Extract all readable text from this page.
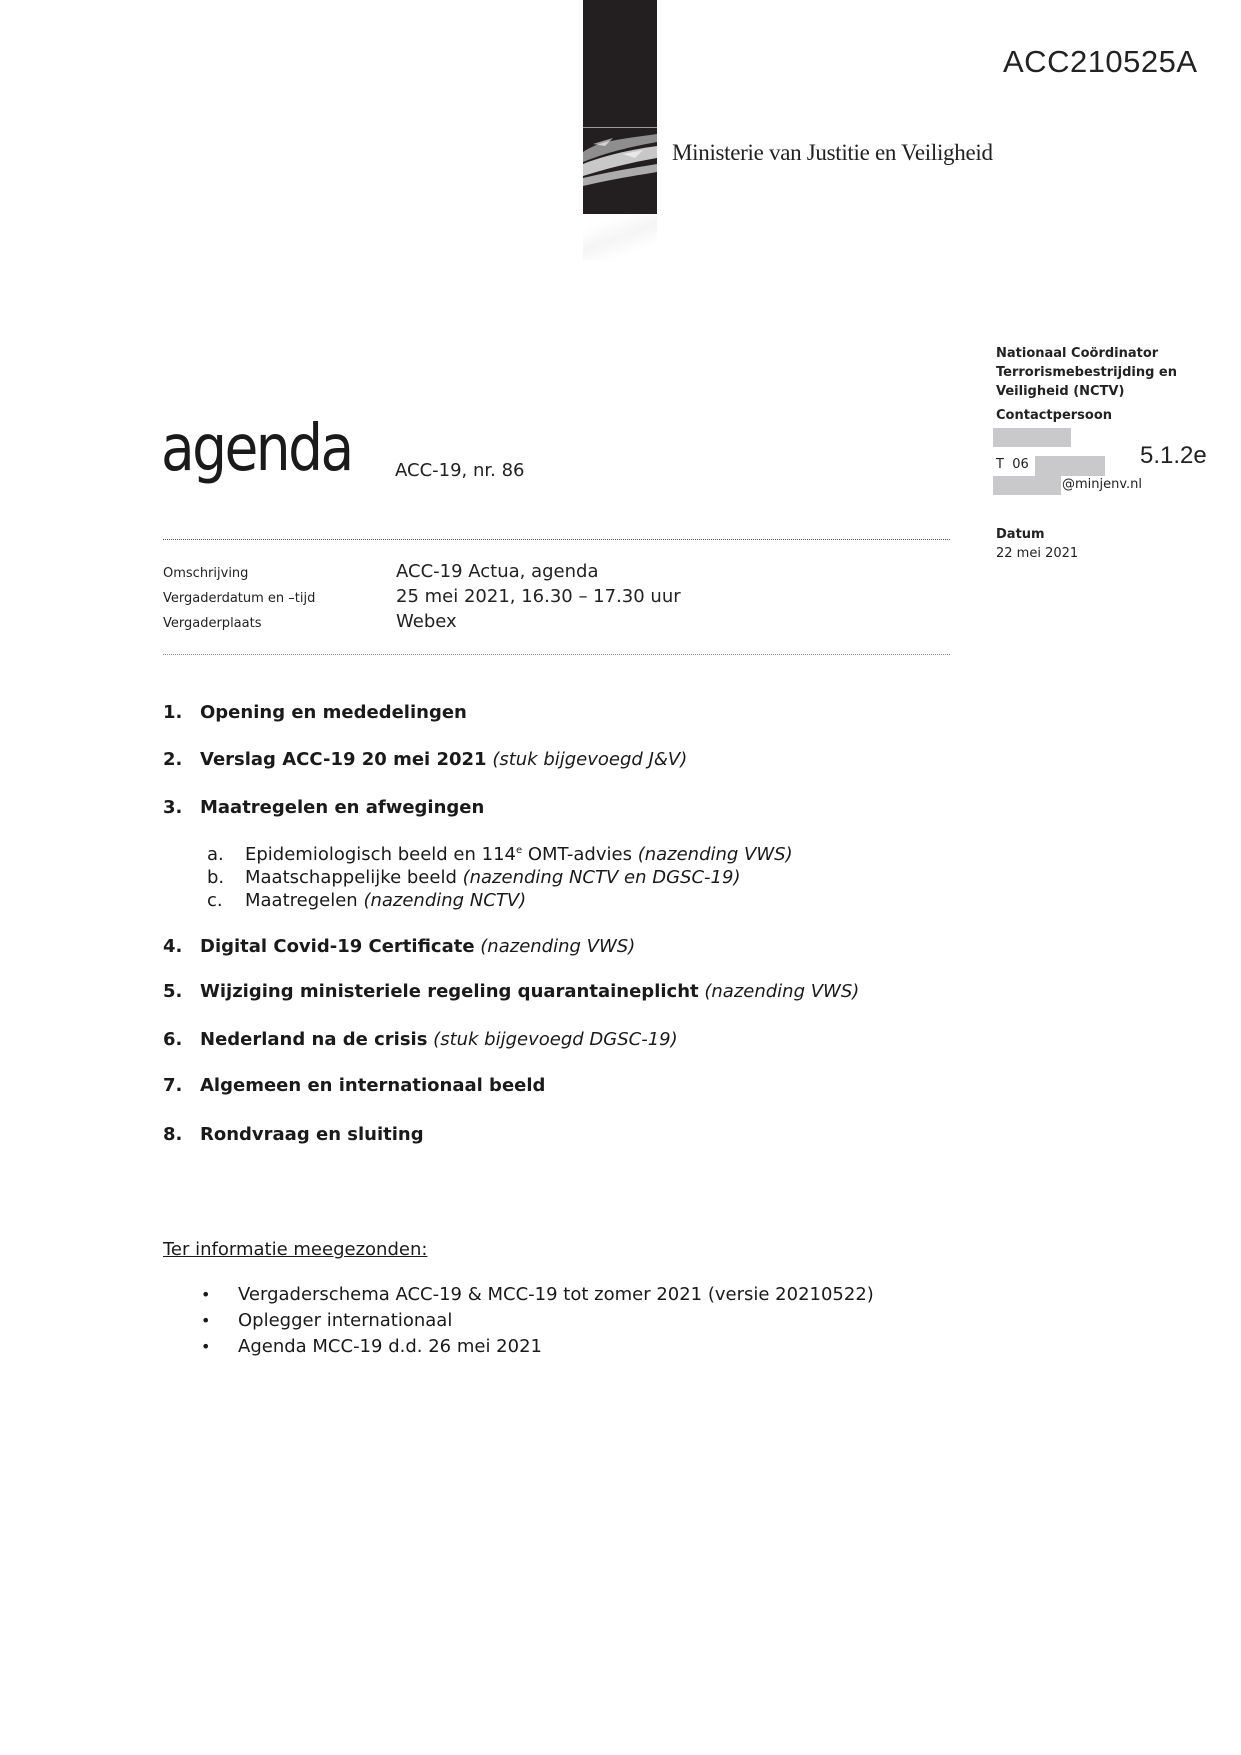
ACC210525A
Ministerie van Justitie en Veiligheid
Nationaal Coördinator
Terrorismebestrijding en
Veiligheid (NCTV)
Contactpersoon
T  06
@minjenv.nl
5.1.2e
Datum
22 mei 2021
agenda ACC-19, nr. 86
Omschrijving	ACC-19 Actua, agenda
Vergaderdatum en –tijd	25 mei 2021, 16.30 – 17.30 uur
Vergaderplaats	Webex
1. Opening en mededelingen
2. Verslag ACC-19 20 mei 2021 (stuk bijgevoegd J&V)
3. Maatregelen en afwegingen
a. Epidemiologisch beeld en 114e OMT-advies (nazending VWS)
b. Maatschappelijke beeld (nazending NCTV en DGSC-19)
c. Maatregelen (nazending NCTV)
4. Digital Covid-19 Certificate (nazending VWS)
5. Wijziging ministeriele regeling quarantaineplicht (nazending VWS)
6. Nederland na de crisis (stuk bijgevoegd DGSC-19)
7. Algemeen en internationaal beeld
8. Rondvraag en sluiting
Ter informatie meegezonden:
• Vergaderschema ACC-19 & MCC-19 tot zomer 2021 (versie 20210522)
• Oplegger internationaal
• Agenda MCC-19 d.d. 26 mei 2021
